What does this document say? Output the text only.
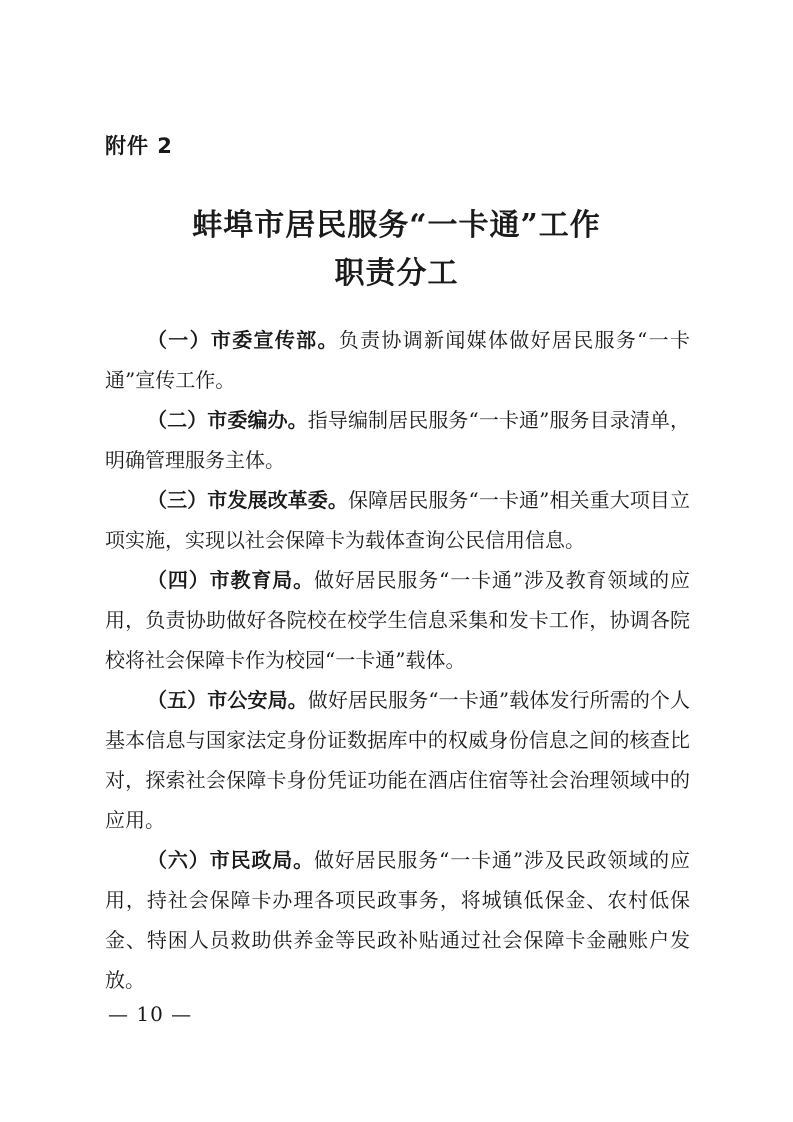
附件 2
蚌埠市居民服务“一卡通”工作
职责分工

（一）市委宣传部。负责协调新闻媒体做好居民服务“一卡通”宣传工作。

（二）市委编办。指导编制居民服务“一卡通”服务目录清单，明确管理服务主体。

（三）市发展改革委。保障居民服务“一卡通”相关重大项目立项实施，实现以社会保障卡为载体查询公民信用信息。

（四）市教育局。做好居民服务“一卡通”涉及教育领域的应用，负责协助做好各院校在校学生信息采集和发卡工作，协调各院校将社会保障卡作为校园“一卡通”载体。

（五）市公安局。做好居民服务“一卡通”载体发行所需的个人基本信息与国家法定身份证数据库中的权威身份信息之间的核查比对，探索社会保障卡身份凭证功能在酒店住宿等社会治理领域中的应用。

（六）市民政局。做好居民服务“一卡通”涉及民政领域的应用，持社会保障卡办理各项民政事务，将城镇低保金、农村低保金、特困人员救助供养金等民政补贴通过社会保障卡金融账户发放。

— 10 —
